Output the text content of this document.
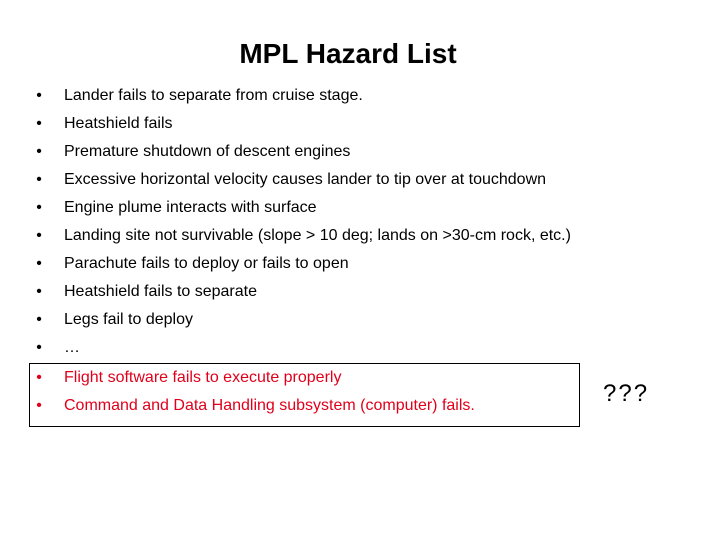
MPL Hazard List
• Lander fails to separate from cruise stage.
• Heatshield fails
• Premature shutdown of descent engines
• Excessive horizontal velocity causes lander to tip over at touchdown
• Engine plume interacts with surface
• Landing site not survivable (slope > 10 deg; lands on >30-cm rock, etc.)
• Parachute fails to deploy or fails to open
• Heatshield fails to separate
• Legs fail to deploy
• …
• Flight software fails to execute properly
• Command and Data Handling subsystem (computer) fails.	???
